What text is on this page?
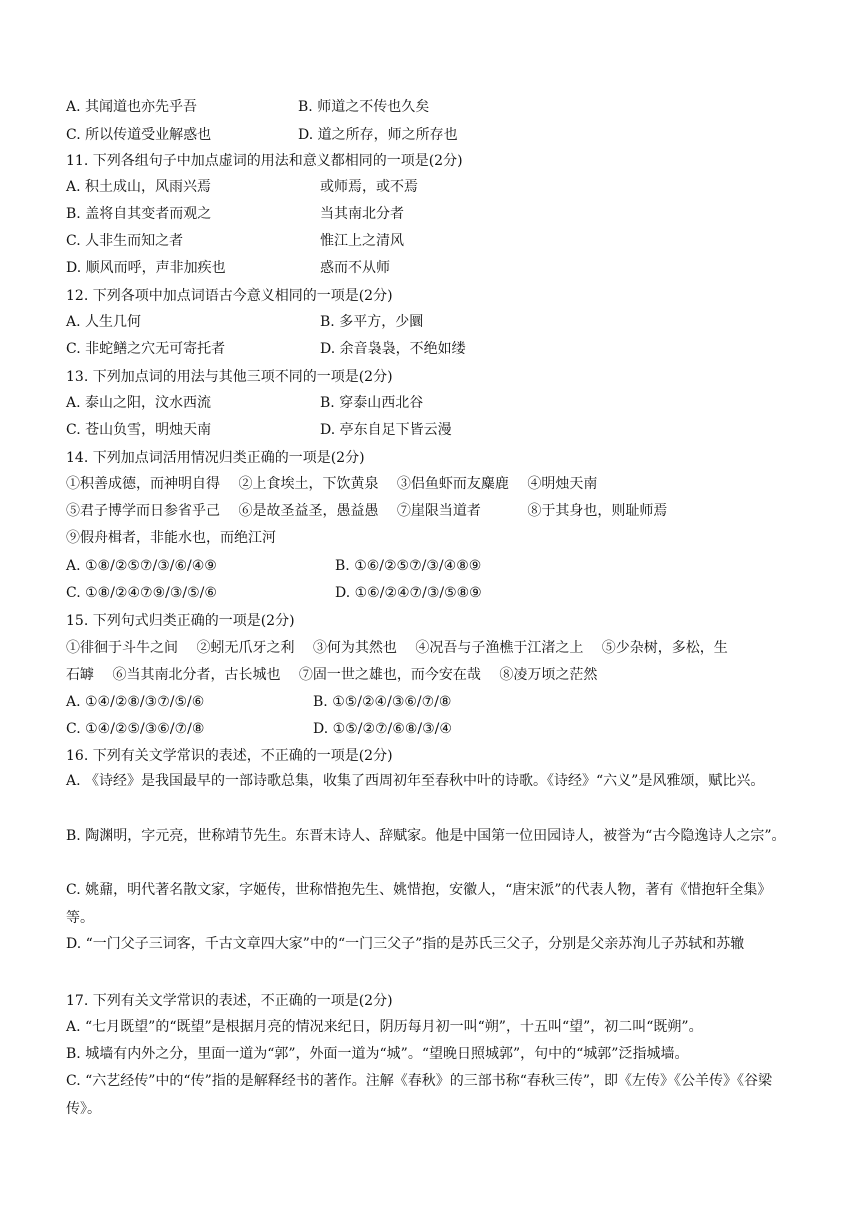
A. 其闻道也亦先乎吾	B. 师道之不传也久矣
C. 所以传道受业解惑也	D. 道之所存，师之所存也
11. 下列各组句子中加点虚词的用法和意义都相同的一项是(2分)
A. 积土成山，风雨兴焉	或师焉，或不焉
B. 盖将自其变者而观之	当其南北分者
C. 人非生而知之者	惟江上之清风
D. 顺风而呼，声非加疾也	惑而不从师
12. 下列各项中加点词语古今意义相同的一项是(2分)
A. 人生几何	B. 多平方，少圜
C. 非蛇鳝之穴无可寄托者	D. 余音袅袅，不绝如缕
13. 下列加点词的用法与其他三项不同的一项是(2分)
A. 泰山之阳，汶水西流	B. 穿泰山西北谷
C. 苍山负雪，明烛天南	D. 亭东自足下皆云漫
14. 下列加点词活用情况归类正确的一项是(2分)
①积善成德，而神明自得　 ②上食埃土，下饮黄泉　 ③侣鱼虾而友麋鹿　 ④明烛天南
⑤君子博学而日参省乎己　 ⑥是故圣益圣，愚益愚　 ⑦崖限当道者　　　 ⑧于其身也，则耻师焉
⑨假舟楫者，非能水也，而绝江河
A. ①⑧/②⑤⑦/③/⑥/④⑨	B. ①⑥/②⑤⑦/③/④⑧⑨
C. ①⑧/②④⑦⑨/③/⑤/⑥	D. ①⑥/②④⑦/③/⑤⑧⑨
15. 下列句式归类正确的一项是(2分)
①徘徊于斗牛之间　 ②蚓无爪牙之利　 ③何为其然也　 ④况吾与子渔樵于江渚之上　 ⑤少杂树，多松，生
石罅　 ⑥当其南北分者，古长城也　 ⑦固一世之雄也，而今安在哉　 ⑧凌万顷之茫然
A. ①④/②⑧/③⑦/⑤/⑥	B. ①⑤/②④/③⑥/⑦/⑧
C. ①④/②⑤/③⑥/⑦/⑧	D. ①⑤/②⑦/⑥⑧/③/④
16. 下列有关文学常识的表述，不正确的一项是(2分)
A. 《诗经》是我国最早的一部诗歌总集，收集了西周初年至春秋中叶的诗歌。《诗经》“六义”是风雅颂，赋比兴。
B. 陶渊明，字元亮，世称靖节先生。东晋末诗人、辞赋家。他是中国第一位田园诗人，被誉为“古今隐逸诗人之宗”。
C. 姚鼐，明代著名散文家，字姬传，世称惜抱先生、姚惜抱，安徽人，“唐宋派”的代表人物，著有《惜抱轩全集》等。
D. “一门父子三词客，千古文章四大家”中的“一门三父子”指的是苏氏三父子，分别是父亲苏洵儿子苏轼和苏辙
17. 下列有关文学常识的表述，不正确的一项是(2分)
A. “七月既望”的“既望”是根据月亮的情况来纪日，阴历每月初一叫“朔”，十五叫“望”，初二叫“既朔”。
B. 城墙有内外之分，里面一道为“郭”，外面一道为“城”。“望晚日照城郭”，句中的“城郭”泛指城墙。
C. “六艺经传”中的“传”指的是解释经书的著作。注解《春秋》的三部书称“春秋三传”，即《左传》《公羊传》《谷梁传》。
